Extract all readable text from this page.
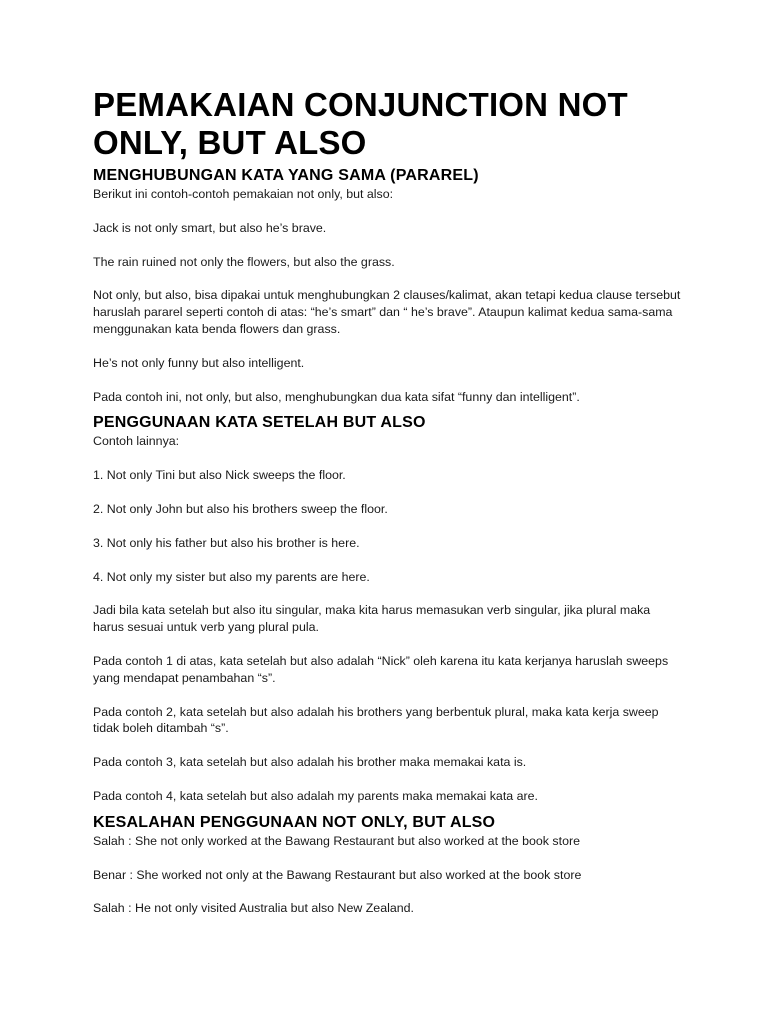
PEMAKAIAN CONJUNCTION NOT ONLY, BUT ALSO
MENGHUBUNGAN KATA YANG SAMA (PARAREL)

Berikut ini contoh-contoh pemakaian not only, but also:

Jack is not only smart, but also he’s brave.

The rain ruined not only the flowers, but also the grass.

Not only, but also, bisa dipakai untuk menghubungkan 2 clauses/kalimat, akan tetapi kedua clause tersebut haruslah pararel seperti contoh di atas: “he’s smart” dan “ he’s brave”. Ataupun kalimat kedua sama-sama menggunakan kata benda flowers dan grass.

He’s not only funny but also intelligent.

Pada contoh ini, not only, but also, menghubungkan dua kata sifat “funny dan intelligent”.

PENGGUNAAN KATA SETELAH BUT ALSO

Contoh lainnya:

1. Not only Tini but also Nick sweeps the floor.

2. Not only John but also his brothers sweep the floor.

3. Not only his father but also his brother is here.

4. Not only my sister but also my parents are here.

Jadi bila kata setelah but also itu singular, maka kita harus memasukan verb singular, jika plural maka harus sesuai untuk verb yang plural pula.

Pada contoh 1 di atas, kata setelah but also adalah “Nick” oleh karena itu kata kerjanya haruslah sweeps yang mendapat penambahan “s”.

Pada contoh 2, kata setelah but also adalah his brothers yang berbentuk plural, maka kata kerja sweep tidak boleh ditambah “s”.

Pada contoh 3, kata setelah but also adalah his brother maka memakai kata is.

Pada contoh 4, kata setelah but also adalah my parents maka memakai kata are.

KESALAHAN PENGGUNAAN NOT ONLY, BUT ALSO

Salah : She not only worked at the Bawang Restaurant but also worked at the book store

Benar : She worked not only at the Bawang Restaurant but also worked at the book store

Salah : He not only visited Australia but also New Zealand.
